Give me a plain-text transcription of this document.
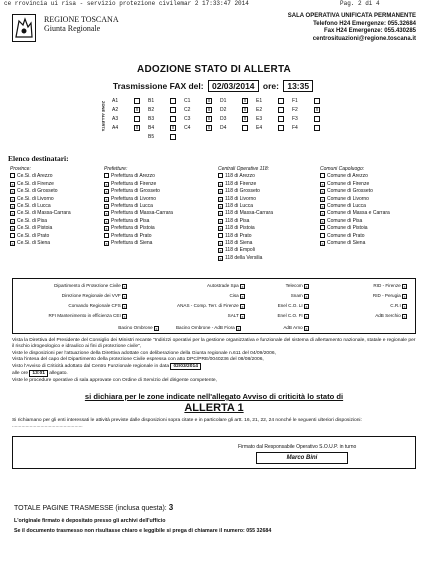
ce rrovincia ui risa - servizio protezione civilemar 2 17:33:47 2014	Pag. 2 di 4
REGIONE TOSCANA
Giunta Regionale
SALA OPERATIVA UNIFICATA PERMANENTE
Telefono H24 Emergenze: 055.32684
Fax H24 Emergenze: 055.430285
centrosituazioni@regione.toscana.it
ADOZIONE STATO DI ALLERTA
Trasmissione FAX del: 02/03/2014 ore: 13:35
ZONE ALLERTA A1	B1	C1	x	D1	x	E1	F1
A2	x	B2	C2	x	D2	x	E2	F2	x
A3	B3	C3	x	D3	x	E3	F3
A4	x	B4	x	C4	x	D4	E4	F4
B5
Elenco destinatari:
Province:
Ce.Si. di Arezzo
x Ce.Si. di Firenze
x Ce.Si. di Grosseto
x Ce.Si. di Livorno
x Ce.Si. di Lucca
x Ce.Si. di Massa-Carrara
x Ce.Si. di Pisa
x Ce.Si. di Pistoia
Ce.Si. di Prato
x Ce.Si. di Siena
Prefetture:
Prefettura di Arezzo
x Prefettura di Firenze
x Prefettura di Grosseto
x Prefettura di Livorno
x Prefettura di Lucca
x Prefettura di Massa-Carrara
x Prefettura di Pisa
x Prefettura di Pistoia
Prefettura di Prato
x Prefettura di Siena
Centrali Operative 118:
118 di Arezzo
x 118 di Firenze
x 118 di Grosseto
x 118 di Livorno
x 118 di Lucca
x 118 di Massa-Carrara
x 118 di Pisa
x 118 di Pistoia
118 di Prato
x 118 di Siena
x 118 di Empoli
x 118 della Versilia
Comuni Capoluogo:
Comune di Arezzo
x Comune di Firenze
x Comune di Grosseto
x Comune di Livorno
x Comune di Lucca
x Comune di Massa e Carrara
x Comune di Pisa
Comune di Pistoia
Comune di Prato
x Comune di Siena
Dipartimento di Protezione Civile x	Autostrade Spa x	Telecom x	RID - Firenze x
Direzione Regionale dei VVF x	Cisa x	Snam x	RID - Perugia x
Comando Regionale CFS x	ANAS - Comp. Terr. di Firenze x	Enel C.O. LI x	C.R.I x
RFI Mantenimento in efficienza CEI x	SALT x	Enel C.O. FI x	AdB Serchio x
Bacino Ombrone x	Bacino Ombrone - AdB Fiora x	AdB Arno x

Vista la Direttiva del Presidente del Consiglio dei Ministri recante "Indirizzi operativi per la gestione organizzativa e funzionale del sistema di allertamento nazionale, statale e regionale per il rischio idrogeologico e idraulico ai fini di protezione civile",

Viste le disposizioni per l'attuazione della Direttiva adottate con deliberazione della Giunta regionale n.611 del 04/09/2006,

Vista l'intesa del capo del Dipartimento della protezione Civile espressa con atto DPC/PRE/0040236 del 08/08/2006,

Visto l'Avviso di Criticità adottato dal Centro Funzionale regionale in data 02/03/2014
alle ore 13:01 allegato.

Viste le procedure operative di sala approvate con Ordine di Servizio del dirigente competente,

si dichiara per le zone indicate nell'allegato Avviso di criticità lo stato di
ALLERTA 1
Si richiamano per gli enti interessati le attività previste dalle disposizioni sopra citate e in particolare gli artt. 16, 21, 22, 24 nonché le seguenti ulteriori disposizioni: ....................................................
Firmato dal Responsabile Operativo S.O.U.P. in turno
Marco Bini
TOTALE PAGINE TRASMESSE (inclusa questa): 3
L'originale firmato è depositato presso gli archivi dell'ufficio
Se il documento trasmesso non risultasse chiaro e leggibile si prega di chiamare il numero: 055 32684
